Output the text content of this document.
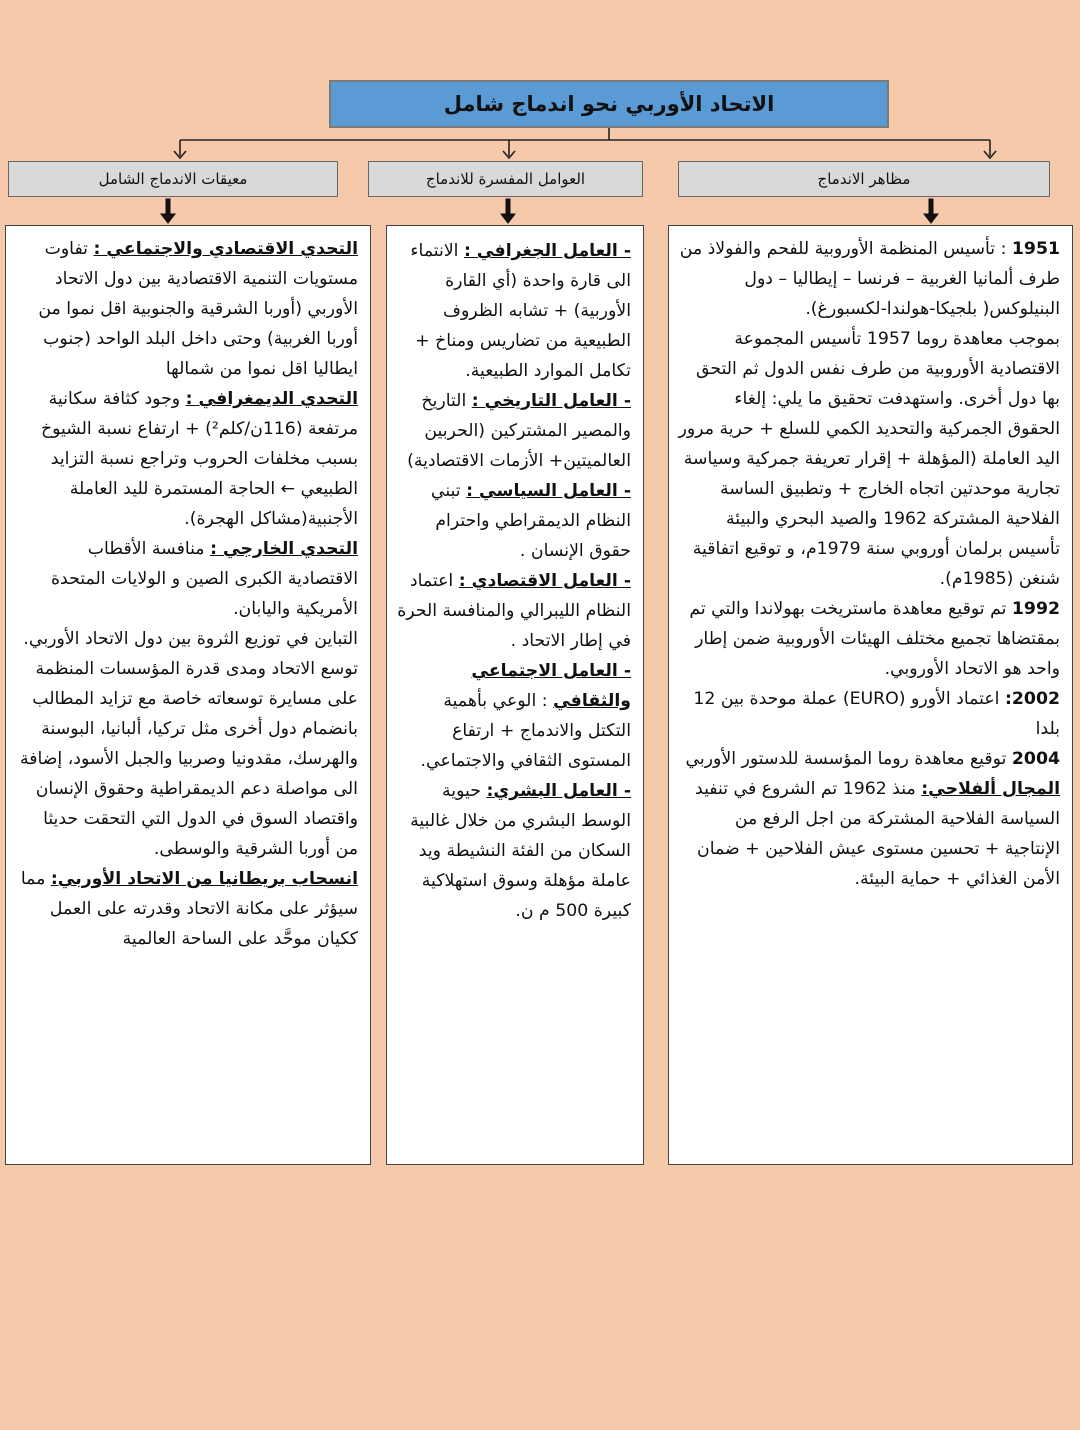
الاتحاد الأوربي نحو اندماج شامل
مظاهر الاندماج
العوامل المفسرة للاندماج
معيقات الاندماج الشامل

1951 : تأسيس المنظمة الأوروبية للفحم والفولاذ من طرف ألمانيا الغربية – فرنسا – إيطاليا – دول البنيلوكس( بلجيكا-هولندا-لكسبورغ).

بموجب معاهدة روما 1957 تأسيس المجموعة الاقتصادية الأوروبية من طرف نفس الدول ثم التحق بها دول أخرى. واستهدفت تحقيق ما يلي: إلغاء الحقوق الجمركية والتحديد الكمي للسلع + حرية مرور اليد العاملة (المؤهلة + إقرار تعريفة جمركية وسياسة تجارية موحدتين اتجاه الخارج + وتطبيق الساسة الفلاحية المشتركة 1962 والصيد البحري والبيئة تأسيس برلمان أوروبي سنة 1979م، و توقيع اتفاقية شنغن (1985م).

1992 تم توقيع معاهدة ماستريخت بهولاندا والتي تم بمقتضاها تجميع مختلف الهيئات الأوروبية ضمن إطار واحد هو الاتحاد الأوروبي.

2002: اعتماد الأورو (EURO) عملة موحدة بين 12 بلدا

2004 توقيع معاهدة روما المؤسسة للدستور الأوربي

المجال ألفلاحي: منذ 1962 تم الشروع في تنفيد السياسة الفلاحية المشتركة من اجل الرفع من الإنتاجية + تحسين مستوى عيش الفلاحين + ضمان الأمن الغذائي + حماية البيئة.

- العامل الجغرافي : الانتماء الى قارة واحدة (أي القارة الأوربية) + تشابه الظروف الطبيعية من تضاريس ومناخ + تكامل الموارد الطبيعية.

- العامل التاريخي : التاريخ والمصير المشتركين (الحربين العالميتين+ الأزمات الاقتصادية)

- العامل السياسي : تبني النظام الديمقراطي واحترام حقوق الإنسان .

- العامل الاقتصادي : اعتماد النظام الليبرالي والمنافسة الحرة في إطار الاتحاد .

- العامل الاجتماعي والثقافي : الوعي بأهمية التكتل والاندماج + ارتفاع المستوى الثقافي والاجتماعي.

- العامل البشري: حيوية الوسط البشري من خلال غالبية السكان من الفئة النشيطة ويد عاملة مؤهلة وسوق استهلاكية كبيرة 500 م ن.

التحدي الاقتصادي والاجتماعي : تفاوت مستويات التنمية الاقتصادية بين دول الاتحاد الأوربي (أوربا الشرقية والجنوبية اقل نموا من أوربا الغربية) وحتى داخل البلد الواحد (جنوب ايطاليا اقل نموا من شمالها

التحدي الديمغرافي : وجود كثافة سكانية مرتفعة (116ن/كلم²) + ارتفاع نسبة الشيوخ بسبب مخلفات الحروب وتراجع نسبة التزايد الطبيعي ← الحاجة المستمرة لليد العاملة الأجنبية(مشاكل الهجرة).

التحدي الخارجي : منافسة الأقطاب الاقتصادية الكبرى الصين و الولايات المتحدة الأمريكية واليابان.

التباين في توزيع الثروة بين دول الاتحاد الأوربي.

توسع الاتحاد ومدى قدرة المؤسسات المنظمة على مسايرة توسعاته خاصة مع تزايد المطالب بانضمام دول أخرى مثل تركيا، ألبانيا، البوسنة والهرسك، مقدونيا وصربيا والجبل الأسود، إضافة الى مواصلة دعم الديمقراطية وحقوق الإنسان واقتصاد السوق في الدول التي التحقت حديثا من أوربا الشرقية والوسطى.

انسحاب بريطانيا من الاتحاد الأوربي: مما سيؤثر على مكانة الاتحاد وقدرته على العمل ككيان موحَّد على الساحة العالمية
